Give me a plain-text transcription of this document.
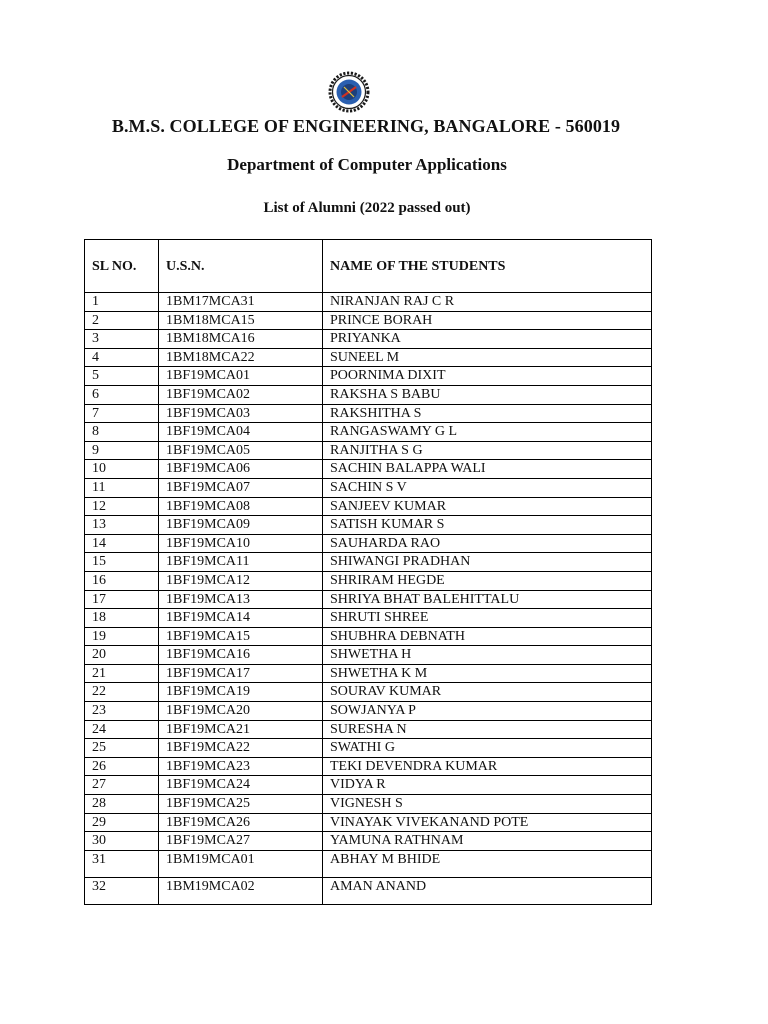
B.M.S. COLLEGE OF ENGINEERING, BANGALORE - 560019
Department of Computer Applications
List of Alumni (2022 passed out)
SL NO.	U.S.N.	NAME OF THE STUDENTS
1	1BM17MCA31	NIRANJAN RAJ C R
2	1BM18MCA15	PRINCE BORAH
3	1BM18MCA16	PRIYANKA
4	1BM18MCA22	SUNEEL M
5	1BF19MCA01	POORNIMA DIXIT
6	1BF19MCA02	RAKSHA S BABU
7	1BF19MCA03	RAKSHITHA S
8	1BF19MCA04	RANGASWAMY G L
9	1BF19MCA05	RANJITHA S G
10	1BF19MCA06	SACHIN BALAPPA WALI
11	1BF19MCA07	SACHIN S V
12	1BF19MCA08	SANJEEV KUMAR
13	1BF19MCA09	SATISH KUMAR S
14	1BF19MCA10	SAUHARDA RAO
15	1BF19MCA11	SHIWANGI PRADHAN
16	1BF19MCA12	SHRIRAM HEGDE
17	1BF19MCA13	SHRIYA BHAT BALEHITTALU
18	1BF19MCA14	SHRUTI SHREE
19	1BF19MCA15	SHUBHRA DEBNATH
20	1BF19MCA16	SHWETHA H
21	1BF19MCA17	SHWETHA K M
22	1BF19MCA19	SOURAV KUMAR
23	1BF19MCA20	SOWJANYA P
24	1BF19MCA21	SURESHA N
25	1BF19MCA22	SWATHI G
26	1BF19MCA23	TEKI DEVENDRA KUMAR
27	1BF19MCA24	VIDYA R
28	1BF19MCA25	VIGNESH S
29	1BF19MCA26	VINAYAK VIVEKANAND POTE
30	1BF19MCA27	YAMUNA RATHNAM
31	1BM19MCA01	ABHAY M BHIDE
32	1BM19MCA02	AMAN ANAND
